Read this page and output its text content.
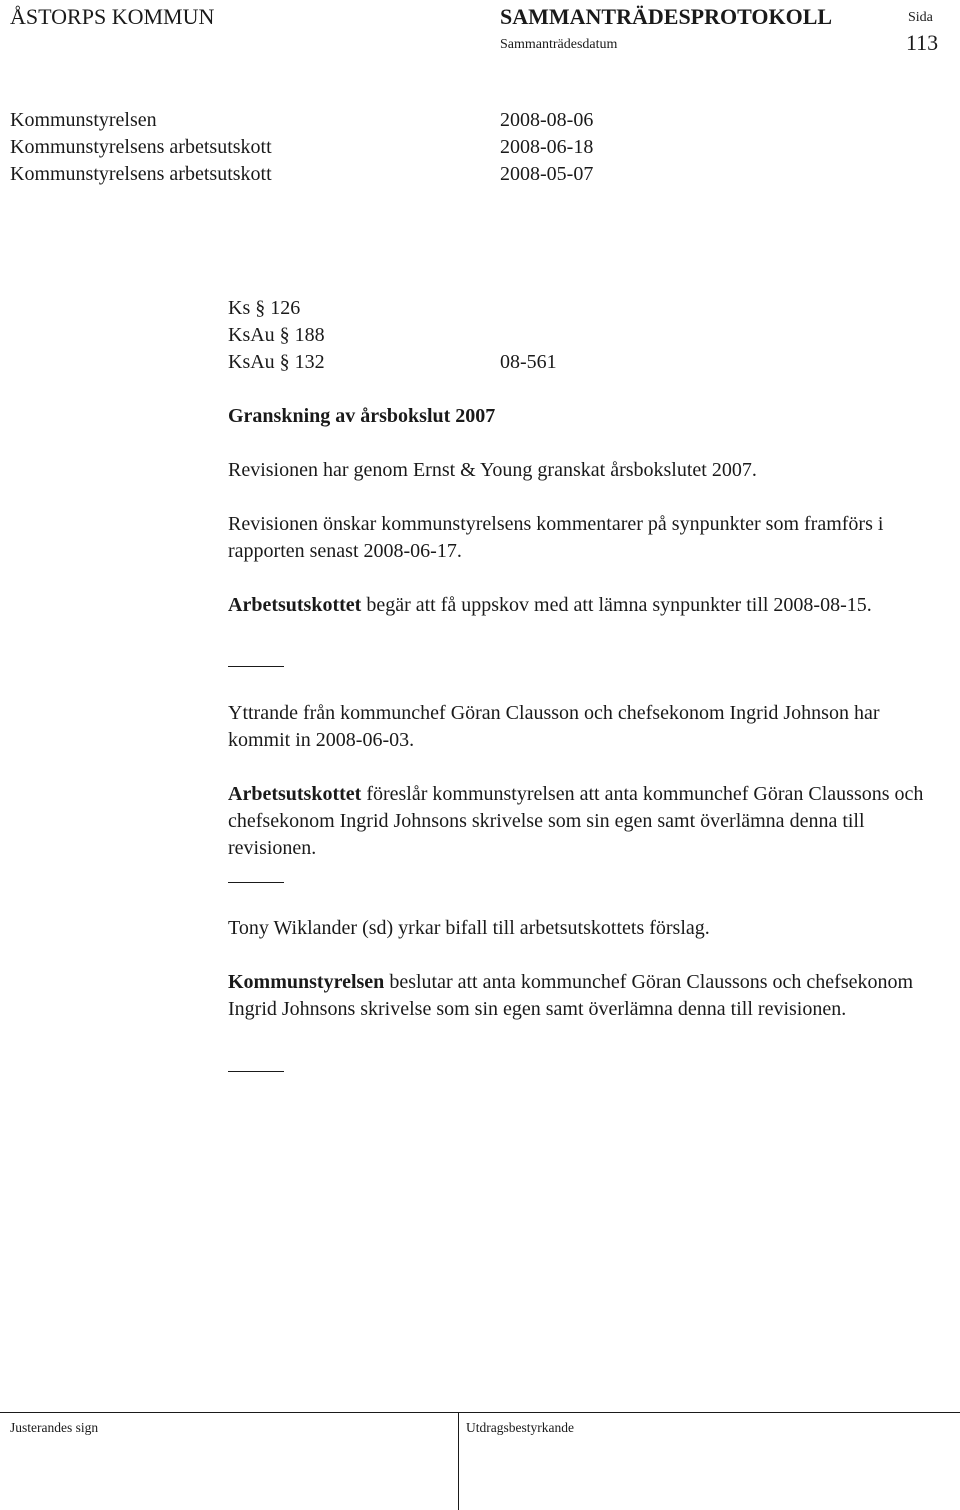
ÅSTORPS KOMMUN	SAMMANTRÄDESPROTOKOLL	Sida
Sammanträdesdatum	113
Kommunstyrelsen	2008-08-06
Kommunstyrelsens arbetsutskott	2008-06-18
Kommunstyrelsens arbetsutskott	2008-05-07
Ks § 126
KsAu § 188
KsAu § 132	08-561
Granskning av årsbokslut 2007

Revisionen har genom Ernst & Young granskat årsbokslutet 2007.

Revisionen önskar kommunstyrelsens kommentarer på synpunkter som framförs i rapporten senast 2008-06-17.

Arbetsutskottet begär att få uppskov med att lämna synpunkter till 2008-08-15.

Yttrande från kommunchef Göran Clausson och chefsekonom Ingrid Johnson har kommit in 2008-06-03.

Arbetsutskottet föreslår kommunstyrelsen att anta kommunchef Göran Claussons och chefsekonom Ingrid Johnsons skrivelse som sin egen samt överlämna denna till revisionen.

Tony Wiklander (sd) yrkar bifall till arbetsutskottets förslag.

Kommunstyrelsen beslutar att anta kommunchef Göran Claussons och chefsekonom Ingrid Johnsons skrivelse som sin egen samt överlämna denna till revisionen.

Justerandes sign	Utdragsbestyrkande
